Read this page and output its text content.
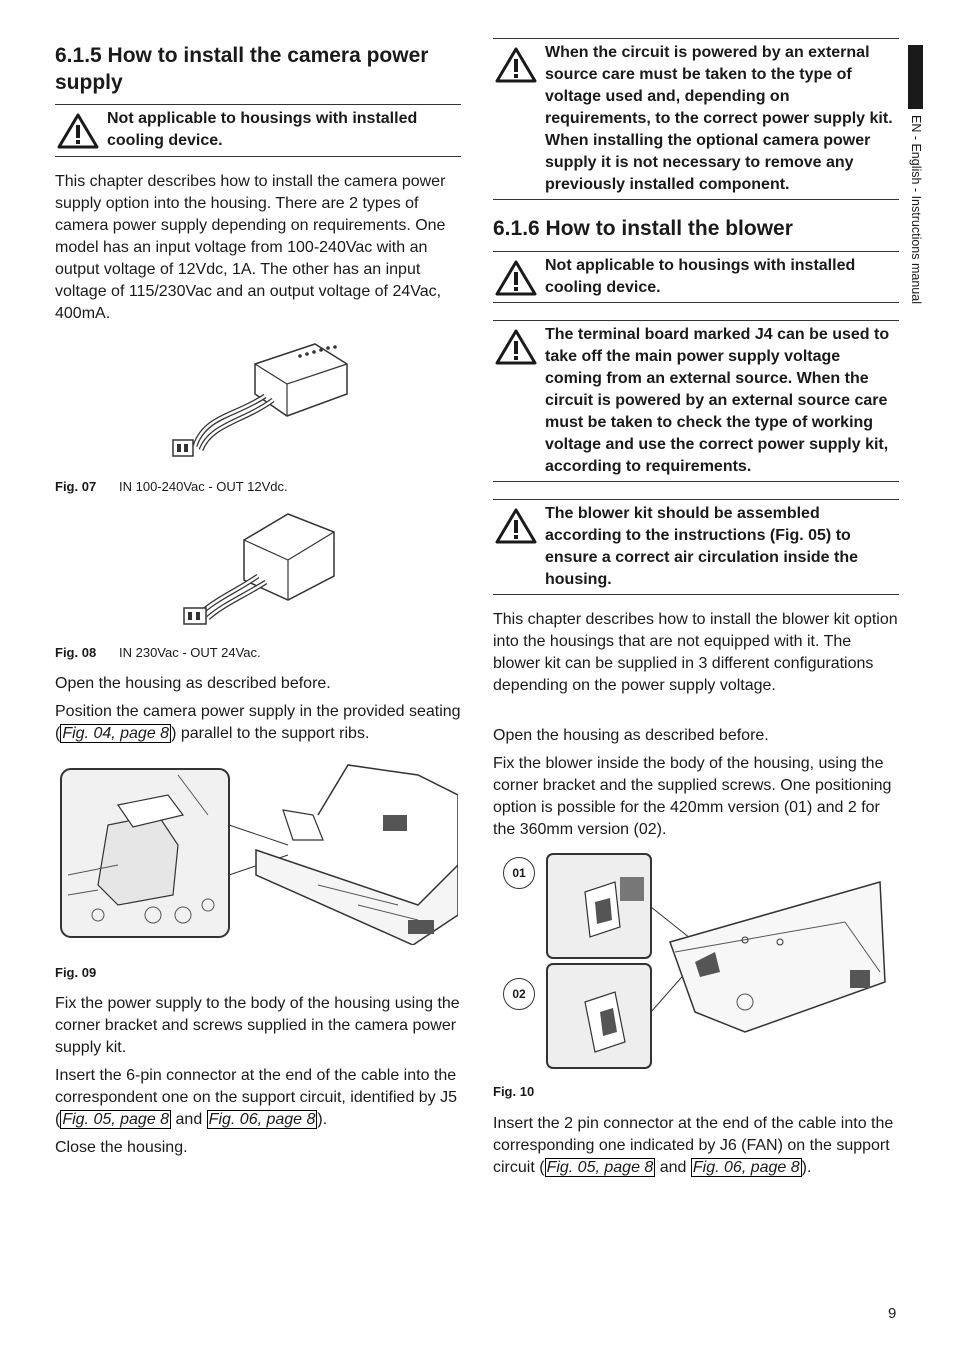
EN - English - Instructions manual
6.1.5 How to install the camera power supply
Not applicable to housings with installed cooling device.

This chapter describes how to install the camera power supply option into the housing. There are 2 types of camera power supply depending on requirements. One model has an input voltage from 100-240Vac with an output voltage of 12Vdc, 1A. The other has an input voltage of 115/230Vac and an output voltage of 24Vac, 400mA.

Fig. 07 IN 100-240Vac - OUT 12Vdc.
Fig. 08 IN 230Vac - OUT 24Vac.

Open the housing as described before.

Position the camera power supply in the provided seating ( Fig. 04, page 8 ) parallel to the support ribs.

Fig. 09

Fix the power supply to the body of the housing using the corner bracket and screws supplied in the camera power supply kit.

Insert the 6-pin connector at the end of the cable into the correspondent one on the support circuit, identified by J5 ( Fig. 05, page 8 and Fig. 06, page 8 ).

Close the housing.

When the circuit is powered by an external source care must be taken to the type of voltage used and, depending on requirements, to the correct power supply kit. When installing the optional camera power supply it is not necessary to remove any previously installed component.
6.1.6 How to install the blower
Not applicable to housings with installed cooling device.
The terminal board marked J4 can be used to take off the main power supply voltage coming from an external source. When the circuit is powered by an external source care must be taken to check the type of working voltage and use the correct power supply kit, according to requirements.
The blower kit should be assembled according to the instructions (Fig. 05) to ensure a correct air circulation inside the housing.

This chapter describes how to install the blower kit option into the housings that are not equipped with it. The blower kit can be supplied in 3 different configurations depending on the power supply voltage.

Open the housing as described before.

Fix the blower inside the body of the housing, using the corner bracket and the supplied screws. One positioning option is possible for the 420mm version (01) and 2 for the 360mm version (02).

01
02
Fig. 10

Insert the 2 pin connector at the end of the cable into the corresponding one indicated by J6 (FAN) on the support circuit ( Fig. 05, page 8 and Fig. 06, page 8 ).

9
